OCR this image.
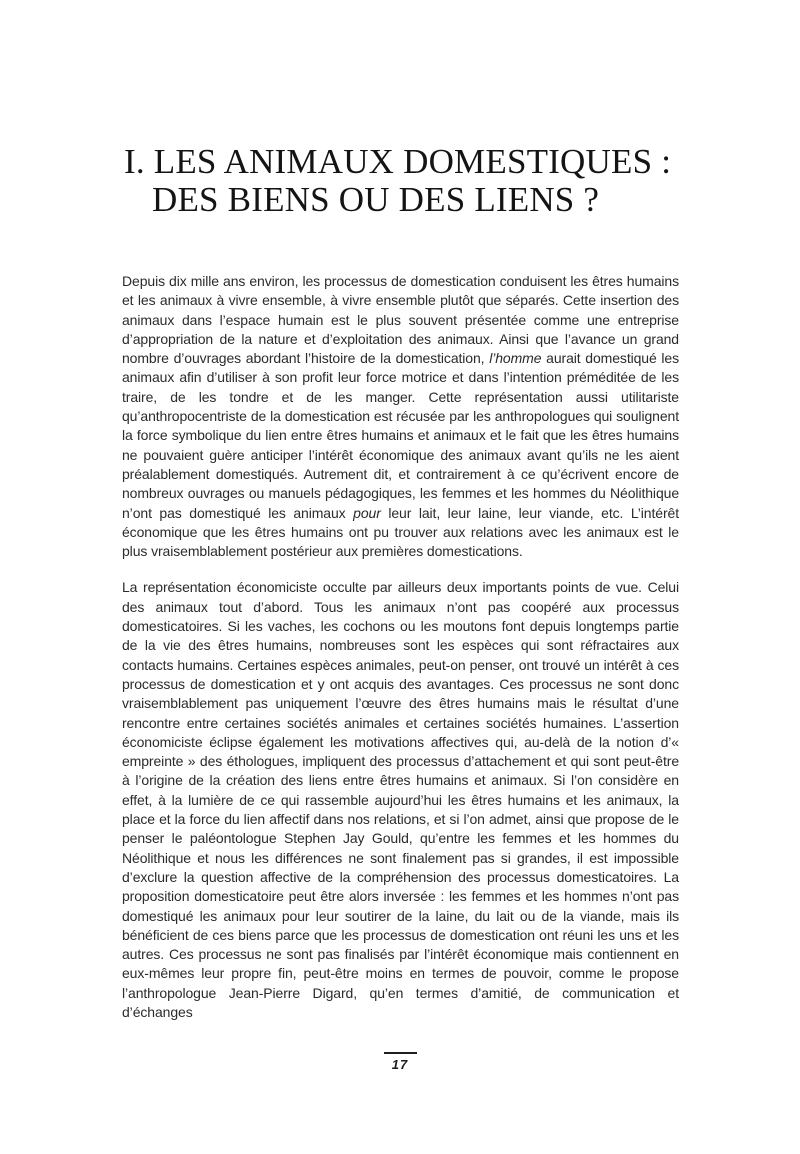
I. LES ANIMAUX DOMESTIQUES :
DES BIENS OU DES LIENS ?

Depuis dix mille ans environ, les processus de domestication conduisent les êtres humains et les animaux à vivre ensemble, à vivre ensemble plutôt que séparés. Cette insertion des animaux dans l’espace humain est le plus souvent présentée comme une entreprise d’appropriation de la nature et d’exploitation des animaux. Ainsi que l’avance un grand nombre d’ouvrages abordant l’histoire de la domestication, l’homme aurait domestiqué les animaux afin d’utiliser à son profit leur force motrice et dans l’intention préméditée de les traire, de les tondre et de les manger. Cette représentation aussi utilitariste qu’anthropocentriste de la domestication est récusée par les anthropologues qui soulignent la force symbolique du lien entre êtres humains et animaux et le fait que les êtres humains ne pouvaient guère anticiper l’intérêt économique des animaux avant qu’ils ne les aient préalablement domestiqués. Autrement dit, et contrairement à ce qu’écrivent encore de nombreux ouvrages ou manuels pédagogiques, les femmes et les hommes du Néolithique n’ont pas domestiqué les animaux pour leur lait, leur laine, leur viande, etc. L’intérêt économique que les êtres humains ont pu trouver aux relations avec les animaux est le plus vraisemblablement postérieur aux premières domestications.

La représentation économiciste occulte par ailleurs deux importants points de vue. Celui des animaux tout d’abord. Tous les animaux n’ont pas coopéré aux processus domesticatoires. Si les vaches, les cochons ou les moutons font depuis longtemps partie de la vie des êtres humains, nombreuses sont les espèces qui sont réfractaires aux contacts humains. Certaines espèces animales, peut-on penser, ont trouvé un intérêt à ces processus de domestication et y ont acquis des avantages. Ces processus ne sont donc vraisemblablement pas uniquement l’œuvre des êtres humains mais le résultat d’une rencontre entre certaines sociétés animales et certaines sociétés humaines. L’assertion économiciste éclipse également les motivations affectives qui, au-delà de la notion d’« empreinte » des éthologues, impliquent des processus d’attachement et qui sont peut-être à l’origine de la création des liens entre êtres humains et animaux. Si l’on considère en effet, à la lumière de ce qui rassemble aujourd’hui les êtres humains et les animaux, la place et la force du lien affectif dans nos relations, et si l’on admet, ainsi que propose de le penser le paléontologue Stephen Jay Gould, qu’entre les femmes et les hommes du Néolithique et nous les différences ne sont finalement pas si grandes, il est impossible d’exclure la question affective de la compréhension des processus domesticatoires. La proposition domesticatoire peut être alors inversée : les femmes et les hommes n’ont pas domestiqué les animaux pour leur soutirer de la laine, du lait ou de la viande, mais ils bénéficient de ces biens parce que les processus de domestication ont réuni les uns et les autres. Ces processus ne sont pas finalisés par l’intérêt économique mais contiennent en eux-mêmes leur propre fin, peut-être moins en termes de pouvoir, comme le propose l’anthropologue Jean-Pierre Digard, qu’en termes d’amitié, de communication et d’échanges

17
